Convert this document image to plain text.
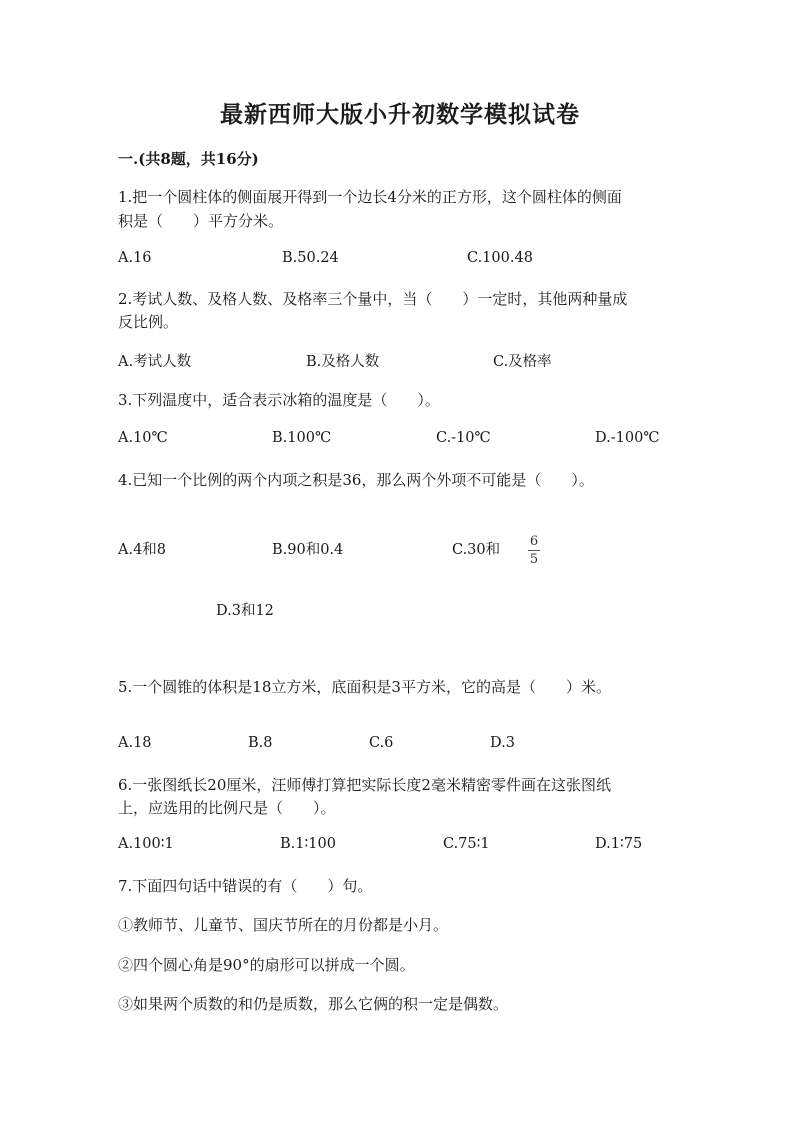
最新西师大版小升初数学模拟试卷
一.(共8题，共16分)
1.把一个圆柱体的侧面展开得到一个边长4分米的正方形，这个圆柱体的侧面
积是（　　）平方分米。
A.16	B.50.24	C.100.48
2.考试人数、及格人数、及格率三个量中，当（　　）一定时，其他两种量成
反比例。
A.考试人数	B.及格人数	C.及格率
3.下列温度中，适合表示冰箱的温度是（　　）。
A.10℃	B.100℃	C.-10℃	D.-100℃
4.已知一个比例的两个内项之积是36，那么两个外项不可能是（　　）。
A.4和8	B.90和0.4	C.30和
6
5
D.3和12
5.一个圆锥的体积是18立方米，底面积是3平方米，它的高是（　　）米。
A.18	B.8	C.6	D.3
6.一张图纸长20厘米，汪师傅打算把实际长度2毫米精密零件画在这张图纸
上，应选用的比例尺是（　　）。
A.100∶1	B.1∶100	C.75∶1	D.1∶75
7.下面四句话中错误的有（　　）句。
①教师节、儿童节、国庆节所在的月份都是小月。
②四个圆心角是90°的扇形可以拼成一个圆。
③如果两个质数的和仍是质数，那么它俩的积一定是偶数。
